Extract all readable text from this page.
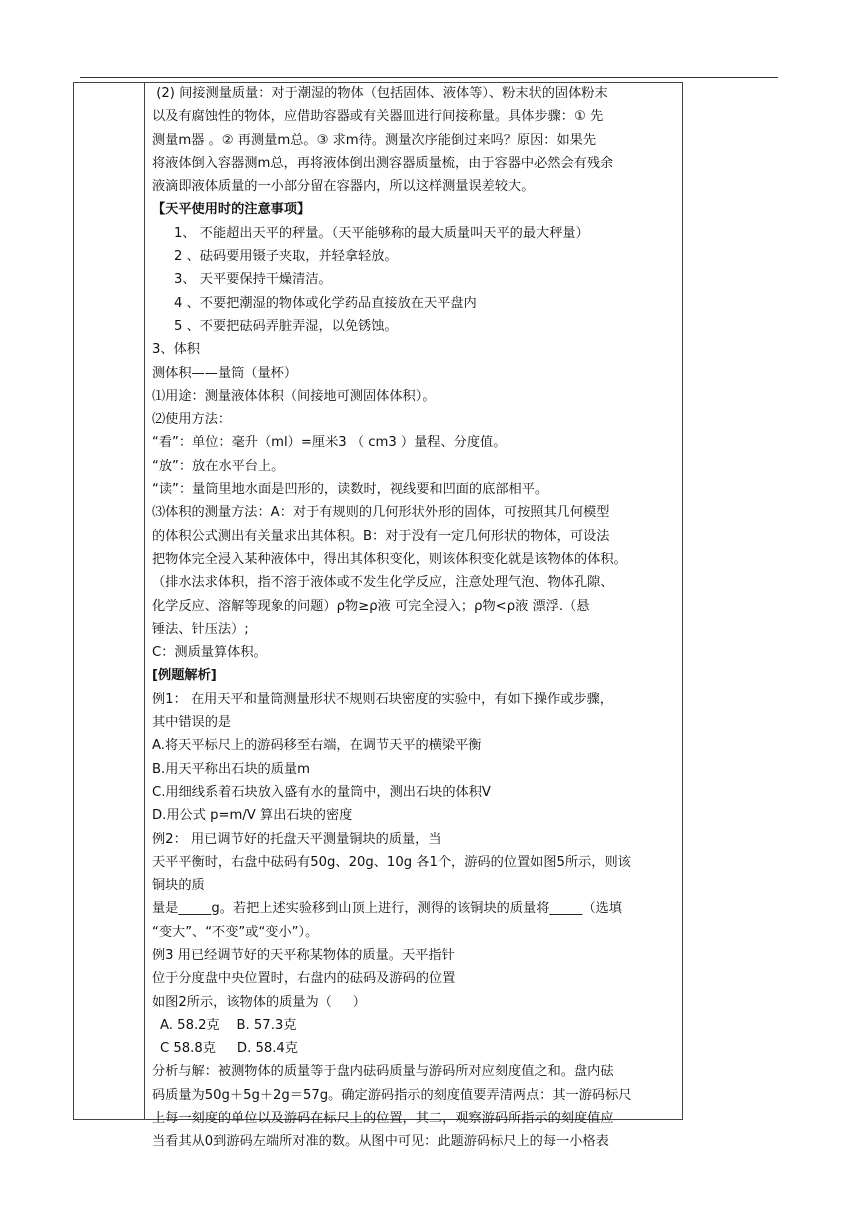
(2) 间接测量质量：对于潮湿的物体（包括固体、液体等）、粉末状的固体粉末

以及有腐蚀性的物体，应借助容器或有关器皿进行间接称量。具体步骤：① 先

测量m器 。② 再测量m总。③ 求m待。测量次序能倒过来吗？原因：如果先

将液体倒入容器测m总，再将液体倒出测容器质量梳，由于容器中必然会有残余

液滴即液体质量的一小部分留在容器内，所以这样测量误差较大。

【天平使用时的注意事项】

1、 不能超出天平的秤量。（天平能够称的最大质量叫天平的最大秤量）

2 、砝码要用镊子夹取，并轻拿轻放。

3、 天平要保持干燥清洁。

4 、不要把潮湿的物体或化学药品直接放在天平盘内

5 、不要把砝码弄脏弄湿，以免锈蚀。

3、体积

测体积——量筒（量杯）

⑴用途：测量液体体积（间接地可测固体体积）。

⑵使用方法：

“看”：单位：毫升（ml）=厘米3 （ cm3 ）量程、分度值。

“放”：放在水平台上。

“读”：量筒里地水面是凹形的，读数时，视线要和凹面的底部相平。

⑶体积的测量方法：A：对于有规则的几何形状外形的固体，可按照其几何模型

的体积公式测出有关量求出其体积。B：对于没有一定几何形状的物体，可设法

把物体完全浸入某种液体中，得出其体积变化，则该体积变化就是该物体的体积。

（排水法求体积，指不溶于液体或不发生化学反应，注意处理气泡、物体孔隙、

化学反应、溶解等现象的问题）ρ物≥ρ液 可完全浸入；ρ物<ρ液 漂浮.（悬

锤法、针压法）;

C：测质量算体积。

[例题解析]

例1： 在用天平和量筒测量形状不规则石块密度的实验中，有如下操作或步骤，

其中错误的是

A.将天平标尺上的游码移至右端，在调节天平的横梁平衡

B.用天平称出石块的质量m

C.用细线系着石块放入盛有水的量筒中，测出石块的体积V

D.用公式 p=m/V 算出石块的密度

例2： 用已调节好的托盘天平测量铜块的质量，当

天平平衡时，右盘中砝码有50g、20g、10g 各1个，游码的位置如图5所示，则该

铜块的质

量是_____g。若把上述实验移到山顶上进行，测得的该铜块的质量将_____（选填

“变大”、“不变”或“变小”）。

例3 用已经调节好的天平称某物体的质量。天平指针

位于分度盘中央位置时，右盘内的砝码及游码的位置

如图2所示，该物体的质量为（     ）

A. 58.2克    B. 57.3克

C 58.8克     D. 58.4克

分析与解：被测物体的质量等于盘内砝码质量与游码所对应刻度值之和。盘内砝

码质量为50g＋5g＋2g＝57g。确定游码指示的刻度值要弄清两点：其一游码标尺

上每一刻度的单位以及游码在标尺上的位置，其二，观察游码所指示的刻度值应

当看其从0到游码左端所对准的数。从图中可见：此题游码标尺上的每一小格表
